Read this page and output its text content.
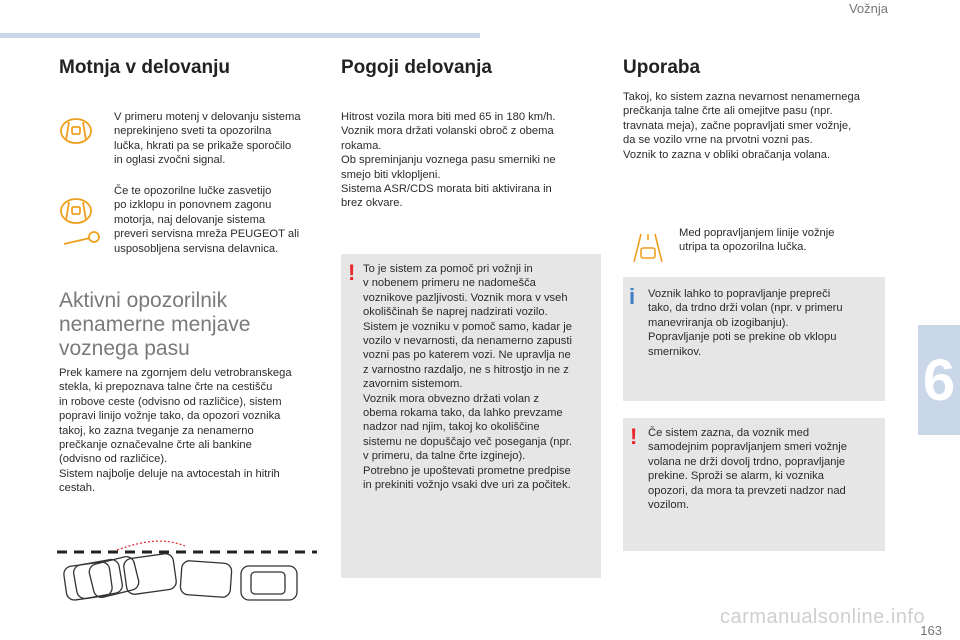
Vožnja
6
163
carmanualsonline.info
Motnja v delovanju

V primeru motenj v delovanju sistema
neprekinjeno sveti ta opozorilna
lučka, hkrati pa se prikaže sporočilo
in oglasi zvočni signal.

Če te opozorilne lučke zasvetijo
po izklopu in ponovnem zagonu
motorja, naj delovanje sistema
preveri servisna mreža PEUGEOT ali
usposobljena servisna delavnica.

Aktivni opozorilnik
nenamerne menjave
voznega pasu

Prek kamere na zgornjem delu vetrobranskega
stekla, ki prepoznava talne črte na cestišču
in robove ceste (odvisno od različice), sistem
popravi linijo vožnje tako, da opozori voznika
takoj, ko zazna tveganje za nenamerno
prečkanje označevalne črte ali bankine
(odvisno od različice).
Sistem najbolje deluje na avtocestah in hitrih
cestah.

Pogoji delovanja

Hitrost vozila mora biti med 65 in 180 km/h.
Voznik mora držati volanski obroč z obema
rokama.
Ob spreminjanju voznega pasu smerniki ne
smejo biti vklopljeni.
Sistema ASR/CDS morata biti aktivirana in
brez okvare.

! To je sistem za pomoč pri vožnji in
v nobenem primeru ne nadomešča
voznikove pazljivosti. Voznik mora v vseh
okoliščinah še naprej nadzirati vozilo.
Sistem je vozniku v pomoč samo, kadar je
vozilo v nevarnosti, da nenamerno zapusti
vozni pas po katerem vozi. Ne upravlja ne
z varnostno razdaljo, ne s hitrostjo in ne z
zavornim sistemom.
Voznik mora obvezno držati volan z
obema rokama tako, da lahko prevzame
nadzor nad njim, takoj ko okoliščine
sistemu ne dopuščajo več poseganja (npr.
v primeru, da talne črte izginejo).
Potrebno je upoštevati prometne predpise
in prekiniti vožnjo vsaki dve uri za počitek.

Uporaba

Takoj, ko sistem zazna nevarnost nenamernega
prečkanja talne črte ali omejitve pasu (npr.
travnata meja), začne popravljati smer vožnje,
da se vozilo vrne na prvotni vozni pas.
Voznik to zazna v obliki obračanja volana.

Med popravljanjem linije vožnje
utripa ta opozorilna lučka.

i Voznik lahko to popravljanje prepreči
tako, da trdno drži volan (npr. v primeru
manevriranja ob izogibanju).
Popravljanje poti se prekine ob vklopu
smernikov.

! Če sistem zazna, da voznik med
samodejnim popravljanjem smeri vožnje
volana ne drži dovolj trdno, popravljanje
prekine. Sproži se alarm, ki voznika
opozori, da mora ta prevzeti nadzor nad
vozilom.
